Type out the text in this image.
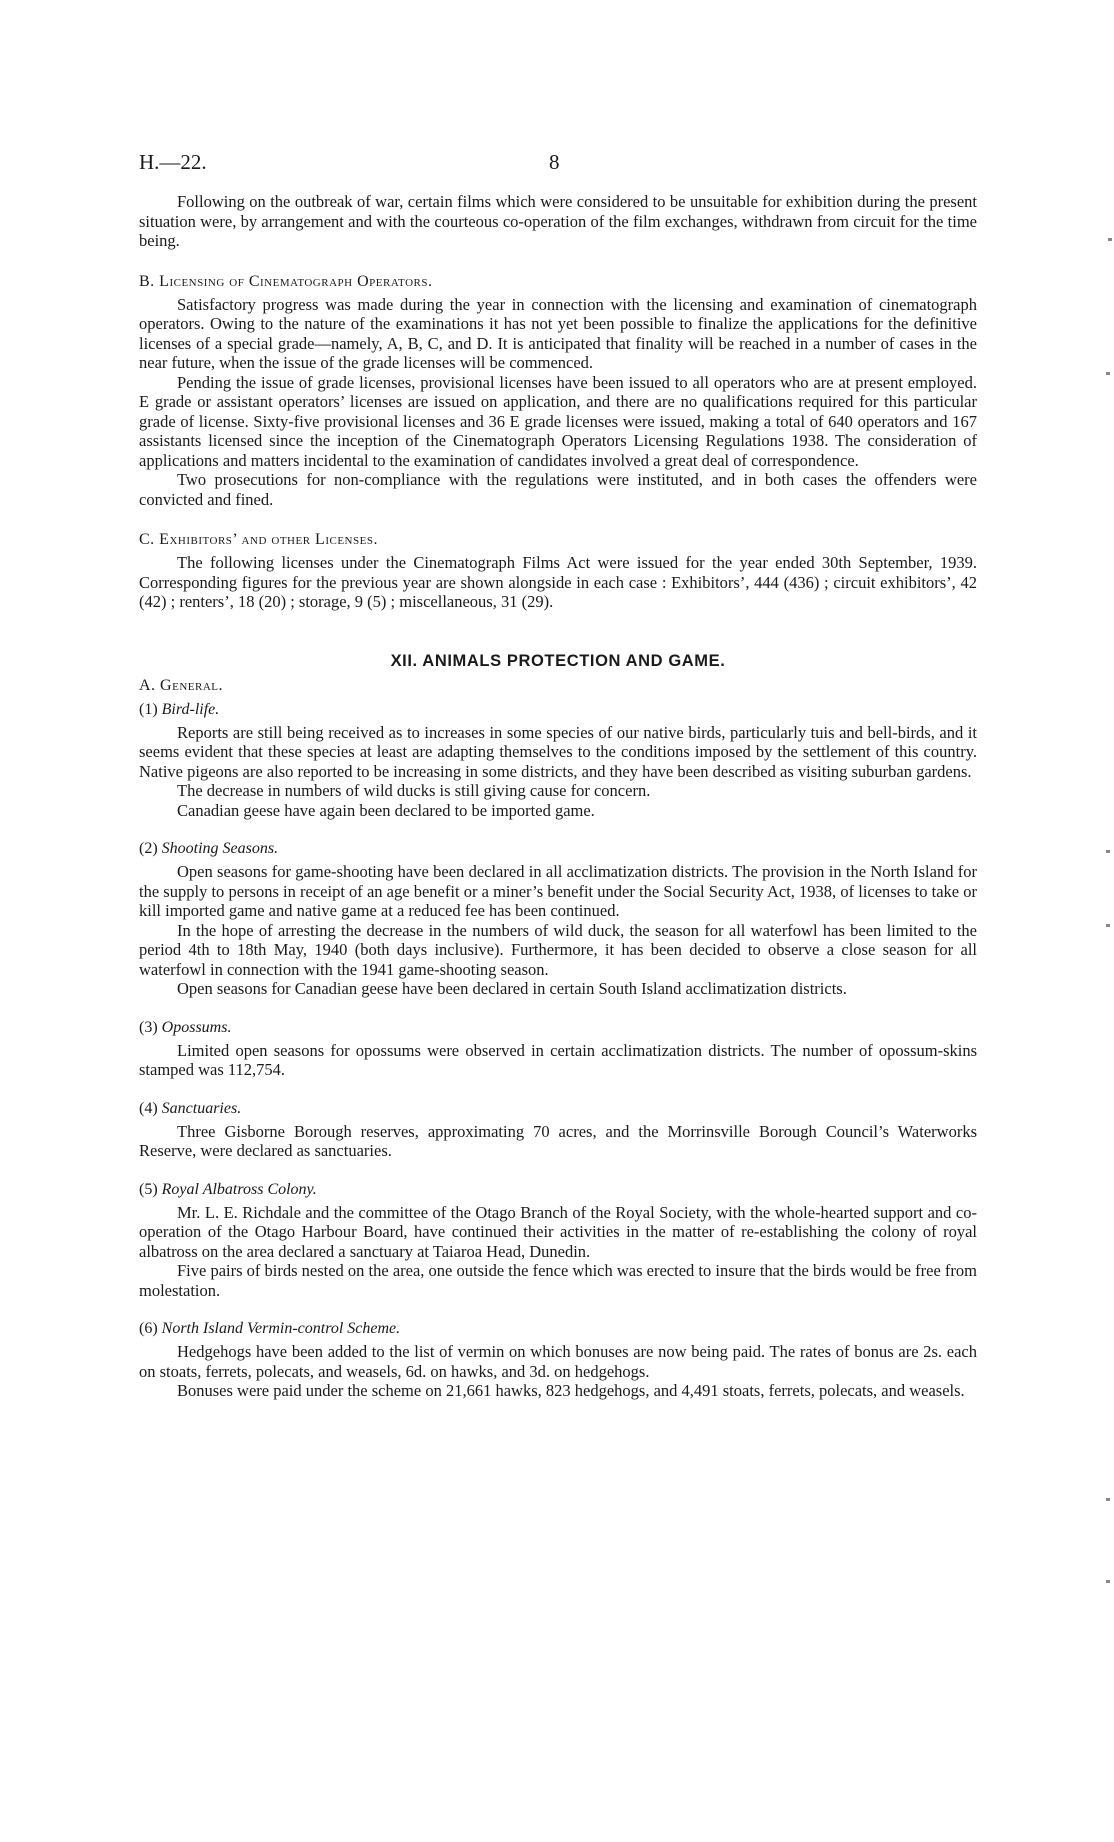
H.—22.	8

Following on the outbreak of war, certain films which were considered to be unsuitable for exhibition during the present situation were, by arrangement and with the courteous co-operation of the film exchanges, withdrawn from circuit for the time being.

B. Licensing of Cinematograph Operators.

Satisfactory progress was made during the year in connection with the licensing and examination of cinematograph operators. Owing to the nature of the examinations it has not yet been possible to finalize the applications for the definitive licenses of a special grade—namely, A, B, C, and D. It is anticipated that finality will be reached in a number of cases in the near future, when the issue of the grade licenses will be commenced.

Pending the issue of grade licenses, provisional licenses have been issued to all operators who are at present employed. E grade or assistant operators’ licenses are issued on application, and there are no qualifications required for this particular grade of license. Sixty-five provisional licenses and 36 E grade licenses were issued, making a total of 640 operators and 167 assistants licensed since the inception of the Cinematograph Operators Licensing Regulations 1938. The consideration of applications and matters incidental to the examination of candidates involved a great deal of correspondence.

Two prosecutions for non-compliance with the regulations were instituted, and in both cases the offenders were convicted and fined.

C. Exhibitors’ and other Licenses.

The following licenses under the Cinematograph Films Act were issued for the year ended 30th September, 1939. Corresponding figures for the previous year are shown alongside in each case : Exhibitors’, 444 (436) ; circuit exhibitors’, 42 (42) ; renters’, 18 (20) ; storage, 9 (5) ; miscellaneous, 31 (29).

XII. ANIMALS PROTECTION AND GAME.
A. General.
(1) Bird-life.

Reports are still being received as to increases in some species of our native birds, particularly tuis and bell-birds, and it seems evident that these species at least are adapting themselves to the conditions imposed by the settlement of this country. Native pigeons are also reported to be increasing in some districts, and they have been described as visiting suburban gardens.

The decrease in numbers of wild ducks is still giving cause for concern.

Canadian geese have again been declared to be imported game.

(2) Shooting Seasons.

Open seasons for game-shooting have been declared in all acclimatization districts. The provision in the North Island for the supply to persons in receipt of an age benefit or a miner’s benefit under the Social Security Act, 1938, of licenses to take or kill imported game and native game at a reduced fee has been continued.

In the hope of arresting the decrease in the numbers of wild duck, the season for all waterfowl has been limited to the period 4th to 18th May, 1940 (both days inclusive). Furthermore, it has been decided to observe a close season for all waterfowl in connection with the 1941 game-shooting season.

Open seasons for Canadian geese have been declared in certain South Island acclimatization districts.

(3) Opossums.

Limited open seasons for opossums were observed in certain acclimatization districts. The number of opossum-skins stamped was 112,754.

(4) Sanctuaries.

Three Gisborne Borough reserves, approximating 70 acres, and the Morrinsville Borough Council’s Waterworks Reserve, were declared as sanctuaries.

(5) Royal Albatross Colony.

Mr. L. E. Richdale and the committee of the Otago Branch of the Royal Society, with the whole-hearted support and co-operation of the Otago Harbour Board, have continued their activities in the matter of re-establishing the colony of royal albatross on the area declared a sanctuary at Taiaroa Head, Dunedin.

Five pairs of birds nested on the area, one outside the fence which was erected to insure that the birds would be free from molestation.

(6) North Island Vermin-control Scheme.

Hedgehogs have been added to the list of vermin on which bonuses are now being paid. The rates of bonus are 2s. each on stoats, ferrets, polecats, and weasels, 6d. on hawks, and 3d. on hedgehogs.

Bonuses were paid under the scheme on 21,661 hawks, 823 hedgehogs, and 4,491 stoats, ferrets, polecats, and weasels.
